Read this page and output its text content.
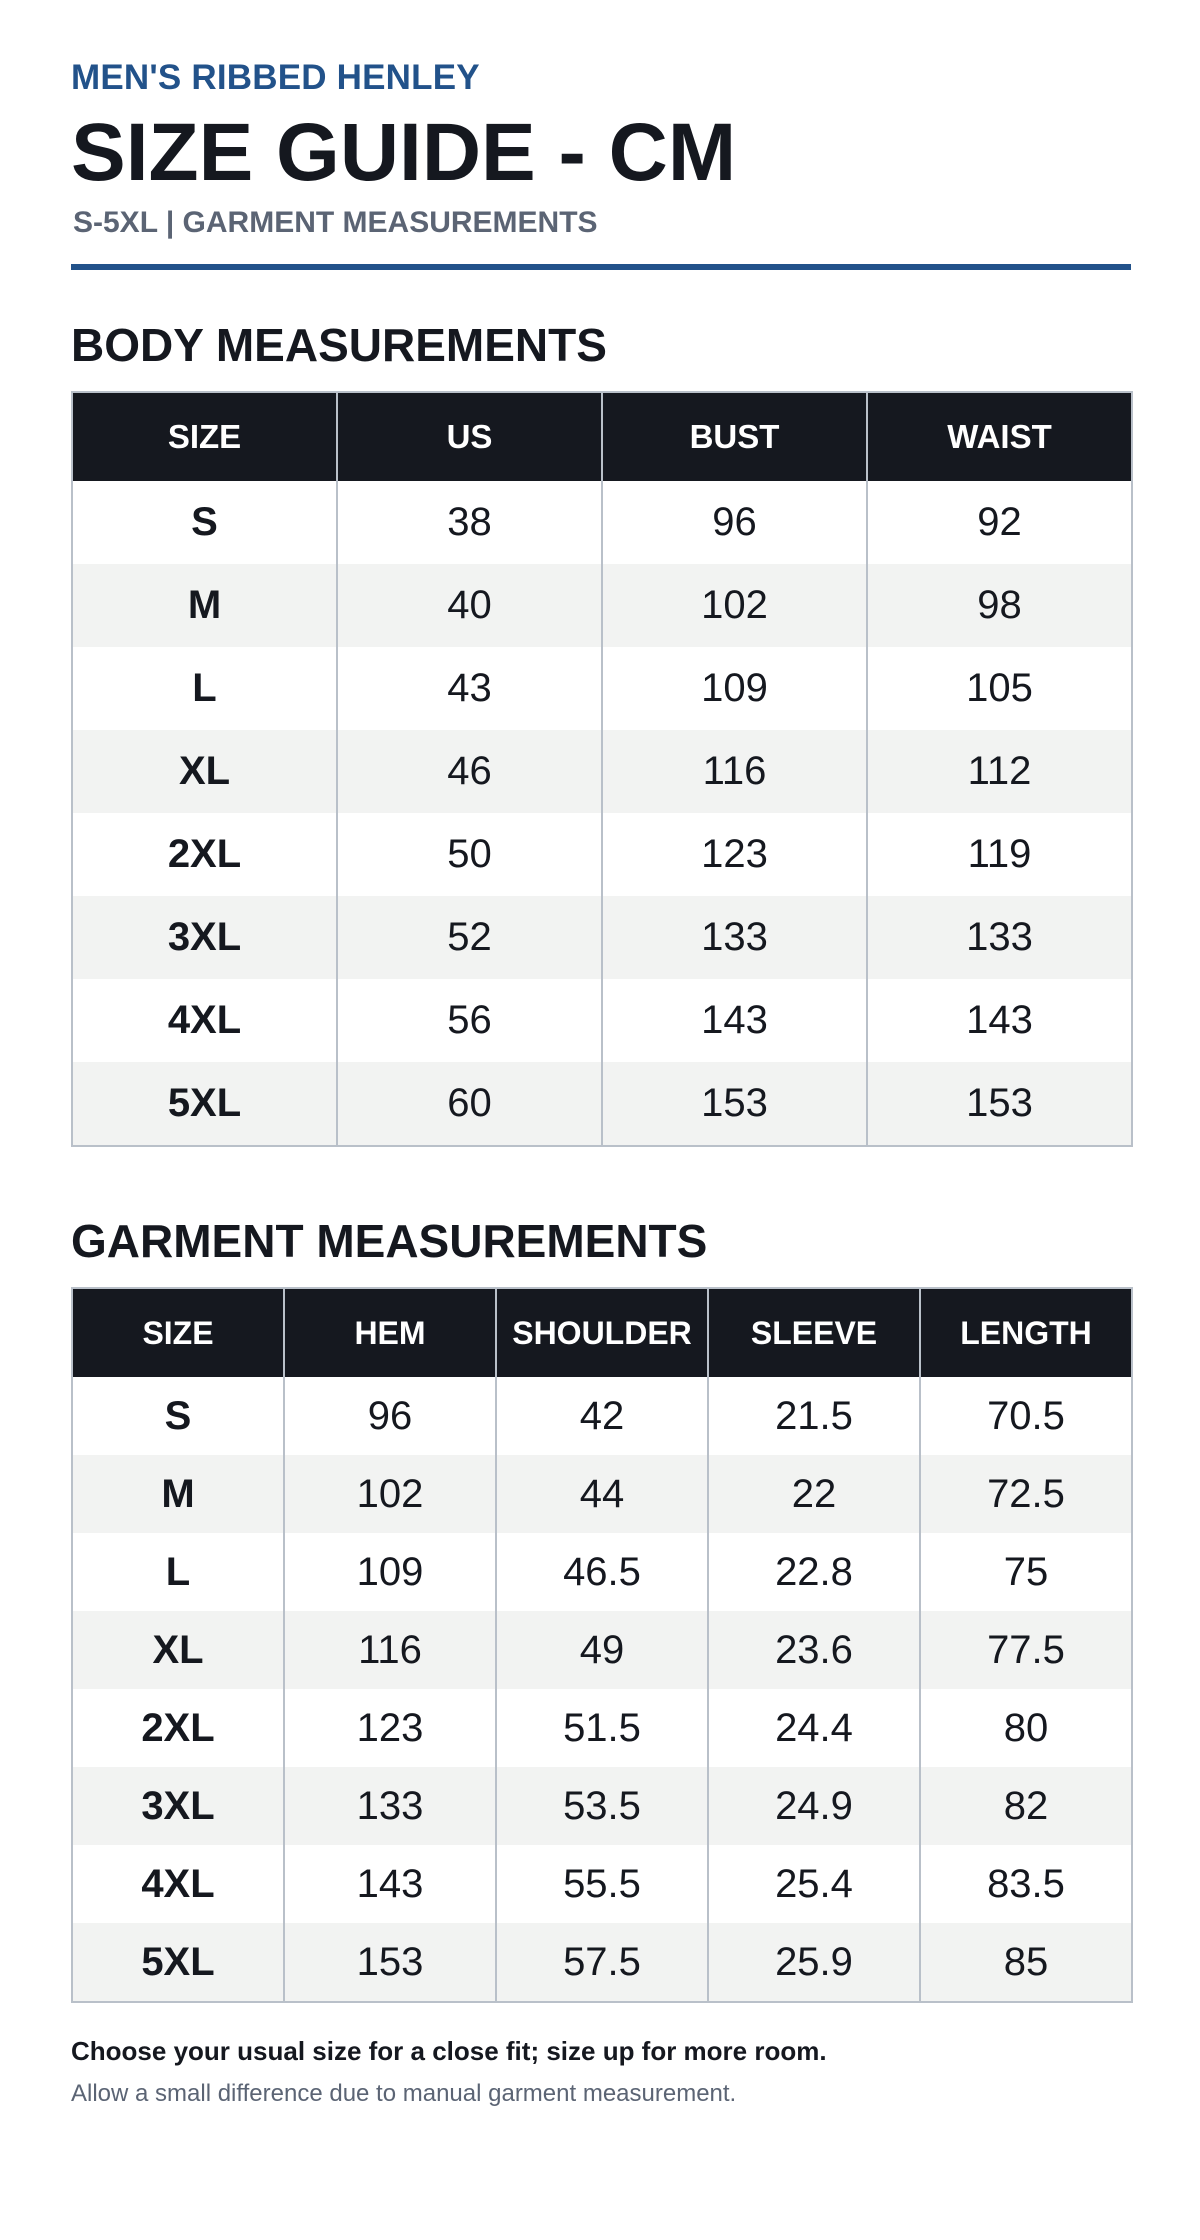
MEN'S RIBBED HENLEY
SIZE GUIDE - CM
S-5XL | GARMENT MEASUREMENTS
BODY MEASUREMENTS
SIZE	US	BUST	WAIST
S	38	96	92
M	40	102	98
L	43	109	105
XL	46	116	112
2XL	50	123	119
3XL	52	133	133
4XL	56	143	143
5XL	60	153	153
GARMENT MEASUREMENTS
SIZE	HEM	SHOULDER	SLEEVE	LENGTH
S	96	42	21.5	70.5
M	102	44	22	72.5
L	109	46.5	22.8	75
XL	116	49	23.6	77.5
2XL	123	51.5	24.4	80
3XL	133	53.5	24.9	82
4XL	143	55.5	25.4	83.5
5XL	153	57.5	25.9	85
Choose your usual size for a close fit; size up for more room.
Allow a small difference due to manual garment measurement.
